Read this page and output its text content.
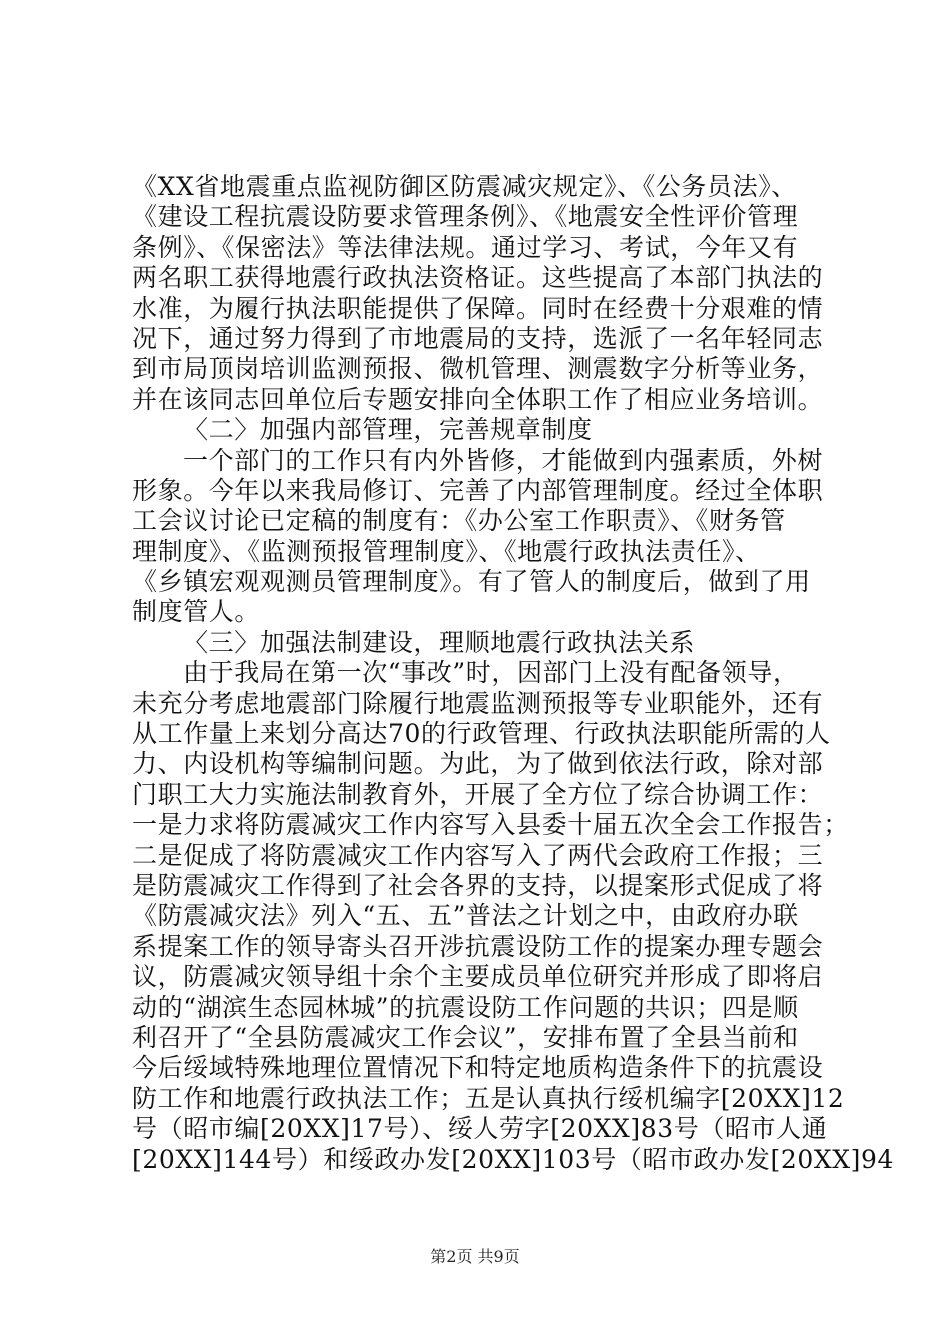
《XX省地震重点监视防御区防震减灾规定》、《公务员法》、
《建设工程抗震设防要求管理条例》、《地震安全性评价管理
条例》、《保密法》等法律法规。通过学习、考试，今年又有
两名职工获得地震行政执法资格证。这些提高了本部门执法的
水准，为履行执法职能提供了保障。同时在经费十分艰难的情
况下，通过努力得到了市地震局的支持，选派了一名年轻同志
到市局顶岗培训监测预报、微机管理、测震数字分析等业务，
并在该同志回单位后专题安排向全体职工作了相应业务培训。
〈二〉加强内部管理，完善规章制度
一个部门的工作只有内外皆修，才能做到内强素质，外树
形象。今年以来我局修订、完善了内部管理制度。经过全体职
工会议讨论已定稿的制度有：《办公室工作职责》、《财务管
理制度》、《监测预报管理制度》、《地震行政执法责任》、
《乡镇宏观观测员管理制度》。有了管人的制度后，做到了用
制度管人。
〈三〉加强法制建设，理顺地震行政执法关系
由于我局在第一次“事改”时，因部门上没有配备领导，
未充分考虑地震部门除履行地震监测预报等专业职能外，还有
从工作量上来划分高达70的行政管理、行政执法职能所需的人
力、内设机构等编制问题。为此，为了做到依法行政，除对部
门职工大力实施法制教育外，开展了全方位了综合协调工作：
一是力求将防震减灾工作内容写入县委十届五次全会工作报告；
二是促成了将防震减灾工作内容写入了两代会政府工作报；三
是防震减灾工作得到了社会各界的支持，以提案形式促成了将
《防震减灾法》列入“五、五”普法之计划之中，由政府办联
系提案工作的领导寄头召开涉抗震设防工作的提案办理专题会
议，防震减灾领导组十余个主要成员单位研究并形成了即将启
动的“湖滨生态园林城”的抗震设防工作问题的共识；四是顺
利召开了“全县防震减灾工作会议”，安排布置了全县当前和
今后绥域特殊地理位置情况下和特定地质构造条件下的抗震设
防工作和地震行政执法工作；五是认真执行绥机编字[20XX]12
号（昭市编[20XX]17号）、绥人劳字[20XX]83号（昭市人通
[20XX]144号）和绥政办发[20XX]103号（昭市政办发[20XX]94
第2页 共9页
